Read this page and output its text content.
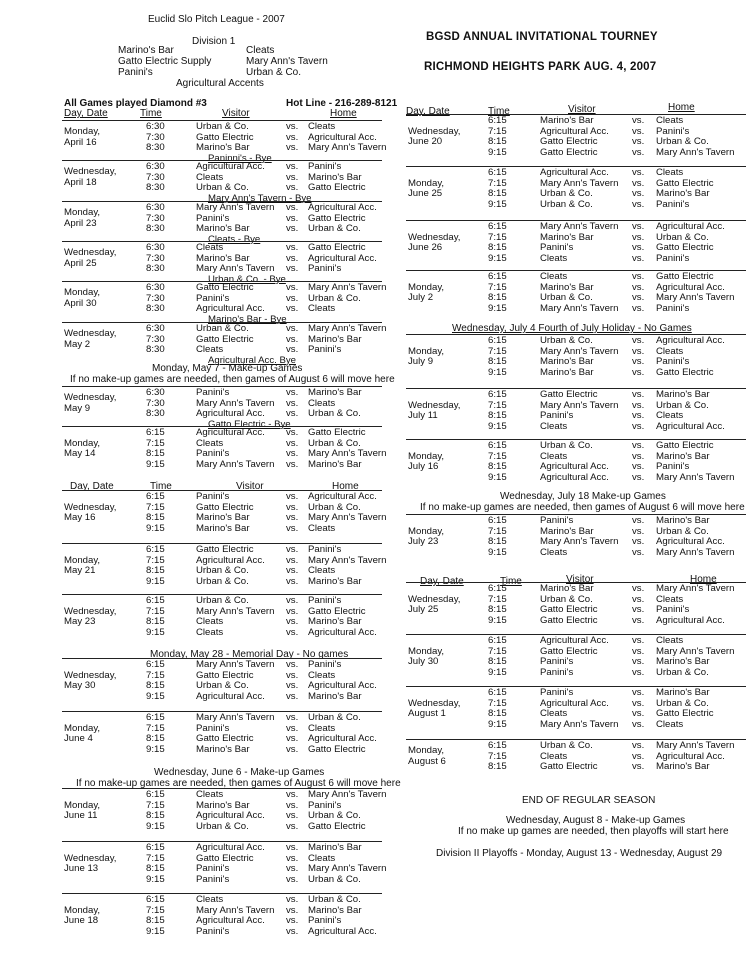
Euclid Slo Pitch League - 2007
Division 1
Marino's Bar
Gatto Electric Supply
Panini's
Cleats
Mary Ann's Tavern
Urban & Co.
Agricultural Accents
BGSD ANNUAL INVITATIONAL TOURNEY
RICHMOND HEIGHTS PARK AUG. 4, 2007
All Games played Diamond #3	Hot Line - 216-289-8121
Day, Date	Time	Visitor	Home
Day, Date	Time	Visitor	Home
Day, Date	Time	Visitor	Home
Day, Date	Time	Visitor	Home
Monday, May 7 - Make-up Games
If no make-up games are needed, then games of August 6 will move here
Monday, May 28 - Memorial Day - No games
Wednesday, June 6 - Make-up Games
If no make-up games are needed, then games of August 6 will move here
Wednesday, July 4 Fourth of July Holiday - No Games
Wednesday, July 18 Make-up Games
If no make-up games are needed, then games of August 6 will move here
END OF REGULAR SEASON
Wednesday, August 8 - Make-up Games
If no make up games are needed, then playoffs will start here
Division II Playoffs - Monday, August 13 - Wednesday, August 29
Monday,
April 16
6:30	Urban & Co.	vs. Cleats
7:30	Gatto Electric	vs. Agricultural Acc.
8:30	Marino's Bar	vs. Mary Ann's Tavern
Paninni's - Bye
Wednesday,
April 18
6:30	Agricultural Acc. vs. Panini's
7:30	Cleats	vs. Marino's Bar
8:30	Urban & Co.	vs. Gatto Electric
Mary Ann's Tavern - Bye
Monday,
April 23
6:30	Mary Ann's Tavern vs. Agricultural Acc.
7:30	Panini's	vs. Gatto Electric
8:30	Marino's Bar	vs. Urban & Co.
Cleats - Bye
Wednesday,
April 25
6:30	Cleats	vs. Gatto Electric
7:30	Marino's Bar	vs. Agricultural Acc.
8:30	Mary Ann's Tavern vs. Panini's
Urban & Co. - Bye
Monday,
April 30
6:30	Gatto Electric	vs. Mary Ann's Tavern
7:30	Panini's	vs. Urban & Co.
8:30	Agricultural Acc. vs. Cleats
Marino's Bar - Bye
Wednesday,
May 2
6:30	Urban & Co.	vs. Mary Ann's Tavern
7:30	Gatto Electric	vs. Marino's Bar
8:30	Cleats	vs. Panini's
Agricultural Acc. Bye
Wednesday,
May 9
6:30	Panini's	vs. Marino's Bar
7:30	Mary Ann's Tavern vs. Cleats
8:30	Agricultural Acc. vs. Urban & Co.
Gatto Electric - Bye
Monday,
May 14
6:15	Agricultural Acc. vs. Gatto Electric
7:15	Cleats	vs. Urban & Co.
8:15	Panini's	vs. Mary Ann's Tavern
9:15	Mary Ann's Tavern vs. Marino's Bar
Wednesday,
May 16
6:15	Panini's	vs. Agricultural Acc.
7:15	Gatto Electric	vs. Urban & Co.
8:15	Marino's Bar	vs. Mary Ann's Tavern
9:15	Marino's Bar	vs. Cleats
Monday,
May 21
6:15	Gatto Electric	vs. Panini's
7:15	Agricultural Acc. vs. Mary Ann's Tavern
8:15	Urban & Co.	vs. Cleats
9:15	Urban & Co.	vs. Marino's Bar
Wednesday,
May 23
6:15	Urban & Co.	vs. Panini's
7:15	Mary Ann's Tavern vs. Gatto Electric
8:15	Cleats	vs. Marino's Bar
9:15	Cleats	vs. Agricultural Acc.
Wednesday,
May 30
6:15	Mary Ann's Tavern vs. Panini's
7:15	Gatto Electric	vs. Cleats
8:15	Urban & Co.	vs. Agricultural Acc.
9:15	Agricultural Acc. vs. Marino's Bar
Monday,
June 4
6:15	Mary Ann's Tavern vs. Urban & Co.
7:15	Panini's	vs. Cleats
8:15	Gatto Electric	vs. Agricultural Acc.
9:15	Marino's Bar	vs. Gatto Electric
Monday,
June 11
6:15	Cleats	vs. Mary Ann's Tavern
7:15	Marino's Bar	vs. Panini's
8:15	Agricultural Acc. vs. Urban & Co.
9:15	Urban & Co.	vs. Gatto Electric
Wednesday,
June 13
6:15	Agricultural Acc. vs. Marino's Bar
7:15	Gatto Electric	vs. Cleats
8:15	Panini's	vs. Mary Ann's Tavern
9:15	Panini's	vs. Urban & Co.
Monday,
June 18
6:15	Cleats	vs. Urban & Co.
7:15	Mary Ann's Tavern vs. Marino's Bar
8:15	Agricultural Acc. vs. Panini's
9:15	Panini's	vs. Agricultural Acc.
Wednesday,
June 20
6:15	Marino's Bar	vs. Cleats
7:15	Agricultural Acc. vs. Panini's
8:15	Gatto Electric	vs. Urban & Co.
9:15	Gatto Electric	vs. Mary Ann's Tavern
Monday,
June 25
6:15	Agricultural Acc. vs. Cleats
7:15	Mary Ann's Tavern vs. Gatto Electric
8:15	Urban & Co.	vs. Marino's Bar
9:15	Urban & Co.	vs. Panini's
Wednesday,
June 26
6:15	Mary Ann's Tavern vs. Agricultural Acc.
7:15	Marino's Bar	vs. Urban & Co.
8:15	Panini's	vs. Gatto Electric
9:15	Cleats	vs. Panini's
Monday,
July 2
6:15	Cleats	vs. Gatto Electric
7:15	Marino's Bar	vs. Agricultural Acc.
8:15	Urban & Co.	vs. Mary Ann's Tavern
9:15	Mary Ann's Tavern vs. Panini's
Monday,
July 9
6:15	Urban & Co.	vs. Agricultural Acc.
7:15	Mary Ann's Tavern vs. Cleats
8:15	Marino's Bar	vs. Panini's
9:15	Marino's Bar	vs. Gatto Electric
Wednesday,
July 11
6:15	Gatto Electric	vs. Marino's Bar
7:15	Mary Ann's Tavern vs. Urban & Co.
8:15	Panini's	vs. Cleats
9:15	Cleats	vs. Agricultural Acc.
Monday,
July 16
6:15	Urban & Co.	vs. Gatto Electric
7:15	Cleats	vs. Marino's Bar
8:15	Agricultural Acc. vs. Panini's
9:15	Agricultural Acc. vs. Mary Ann's Tavern
Monday,
July 23
6:15	Panini's	vs. Marino's Bar
7:15	Marino's Bar	vs. Urban & Co.
8:15	Mary Ann's Tavern vs. Agricultural Acc.
9:15	Cleats	vs. Mary Ann's Tavern
Wednesday,
July 25
6:15	Marino's Bar	vs. Mary Ann's Tavern
7:15	Urban & Co.	vs. Cleats
8:15	Gatto Electric	vs. Panini's
9:15	Gatto Electric	vs. Agricultural Acc.
Monday,
July 30
6:15	Agricultural Acc. vs. Cleats
7:15	Gatto Electric	vs. Mary Ann's Tavern
8:15	Panini's	vs. Marino's Bar
9:15	Panini's	vs. Urban & Co.
Wednesday,
August 1
6:15	Panini's	vs. Marino's Bar
7:15	Agricultural Acc. vs. Urban & Co.
8:15	Cleats	vs. Gatto Electric
9:15	Mary Ann's Tavern vs. Cleats
Monday,
August 6
6:15	Urban & Co.	vs. Mary Ann's Tavern
7:15	Cleats	vs. Agricultural Acc.
8:15	Gatto Electric	vs. Marino's Bar
